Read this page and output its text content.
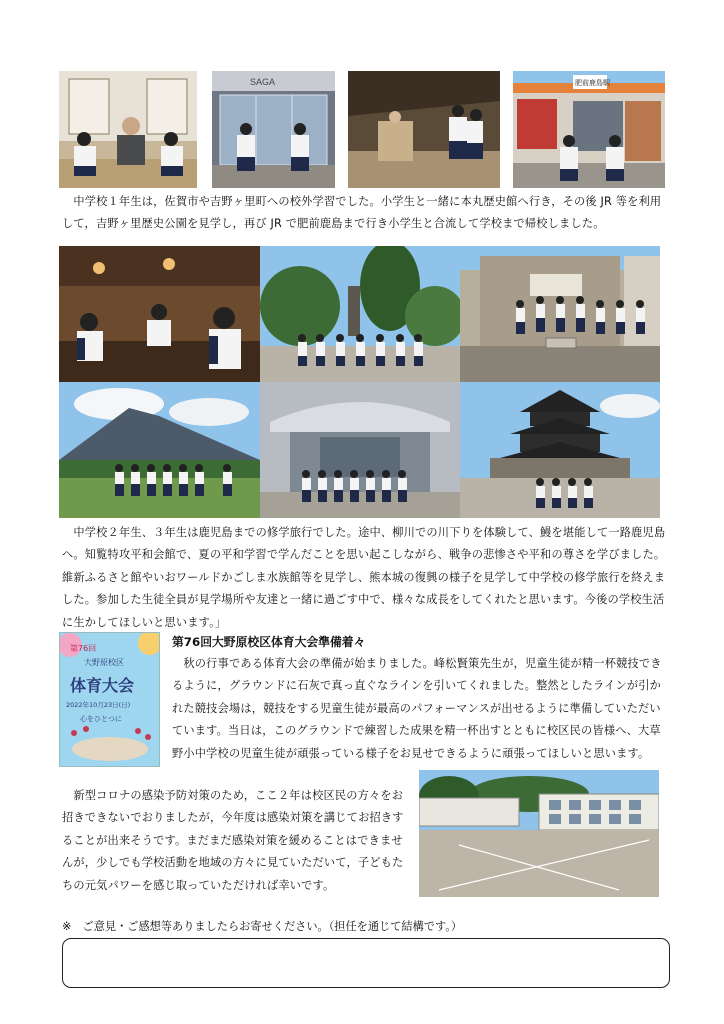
SAGA	肥前鹿島駅

　中学校１年生は，佐賀市や吉野ヶ里町への校外学習でした。小学生と一緒に本丸歴史館へ行き，その後 JR 等を利用して，吉野ヶ里歴史公園を見学し，再び JR で肥前鹿島まで行き小学生と合流して学校まで帰校しました。

　中学校２年生、３年生は鹿児島までの修学旅行でした。途中、柳川での川下りを体験して、鰻を堪能して一路鹿児島へ。知覧特攻平和会館で、夏の平和学習で学んだことを思い起こしながら、戦争の悲惨さや平和の尊さを学びました。維新ふるさと館やいおワールドかごしま水族館等を見学し、熊本城の復興の様子を見学して中学校の修学旅行を終えました。参加した生徒全員が見学場所や友達と一緒に過ごす中で、様々な成長をしてくれたと思います。今後の学校生活に生かしてほしいと思います。」

第76回
大野原校区
体育大会
2022年10月23日(日)
心をひとつに
第76回大野原校区体育大会準備着々

　秋の行事である体育大会の準備が始まりました。峰松賢策先生が，児童生徒が精一杯競技できるように，グラウンドに石灰で真っ直ぐなラインを引いてくれました。整然としたラインが引かれた競技会場は，競技をする児童生徒が最高のパフォーマンスが出せるように準備していただいています。当日は，このグラウンドで練習した成果を精一杯出すとともに校区民の皆様へ、大草野小中学校の児童生徒が頑張っている様子をお見せできるように頑張ってほしいと思います。

　新型コロナの感染予防対策のため，ここ２年は校区民の方々をお招きできないでおりましたが，今年度は感染対策を講じてお招きすることが出来そうです。まだまだ感染対策を緩めることはできませんが，少しでも学校活動を地域の方々に見ていただいて，子どもたちの元気パワーを感じ取っていただければ幸いです。

※　ご意見・ご感想等ありましたらお寄せください。（担任を通じて結構です。）
